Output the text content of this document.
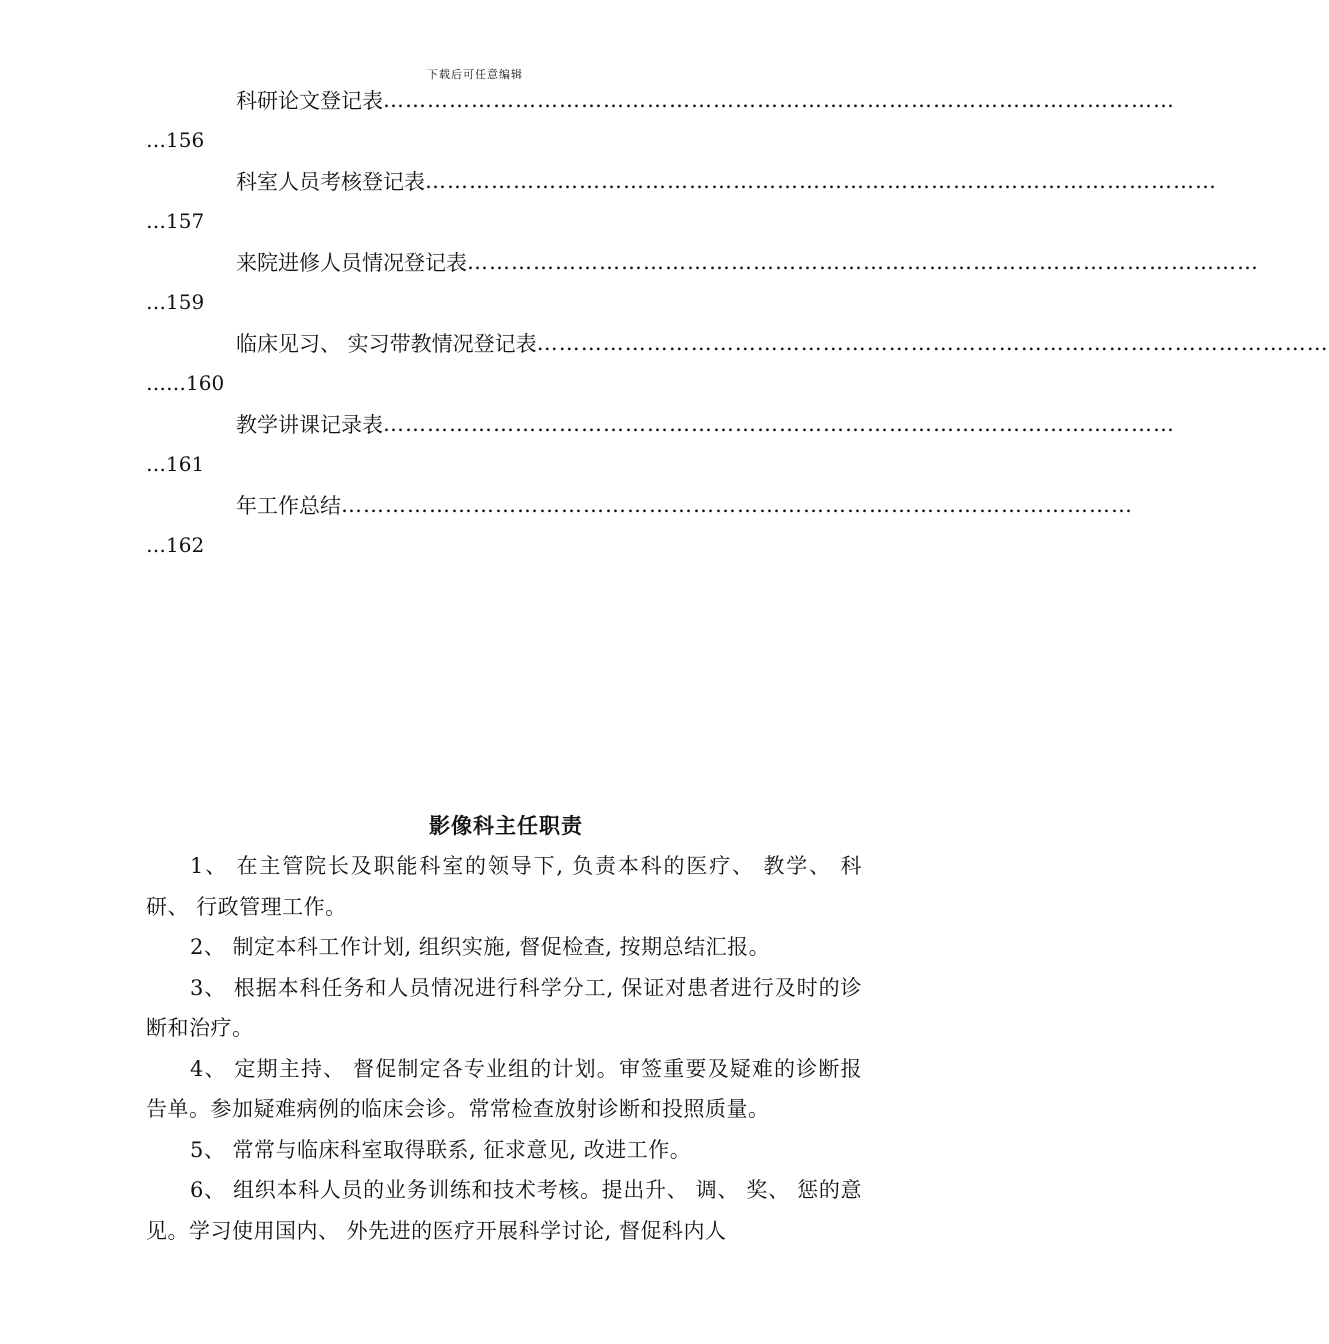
下载后可任意编辑
科研论文登记表 ………………………………………………………………………………………………
…156
科室人员考核登记表 ………………………………………………………………………………………………
…157
来院进修人员情况登记表 ………………………………………………………………………………………………
…159
临床见习、 实习带教情况登记表 ………………………………………………………………………………………………
……160
教学讲课记录表 ………………………………………………………………………………………………
…161
年工作总结 ………………………………………………………………………………………………
…162
影像科主任职责

1、 在主管院长及职能科室的领导下, 负责本科的医疗、 教学、 科研、 行政管理工作。

2、 制定本科工作计划, 组织实施, 督促检查, 按期总结汇报。

3、 根据本科任务和人员情况进行科学分工, 保证对患者进行及时的诊断和治疗。

4、 定期主持、 督促制定各专业组的计划。审签重要及疑难的诊断报告单。参加疑难病例的临床会诊。常常检查放射诊断和投照质量。

5、 常常与临床科室取得联系, 征求意见, 改进工作。

6、 组织本科人员的业务训练和技术考核。提出升、 调、 奖、 惩的意见。学习使用国内、 外先进的医疗开展科学讨论, 督促科内人
